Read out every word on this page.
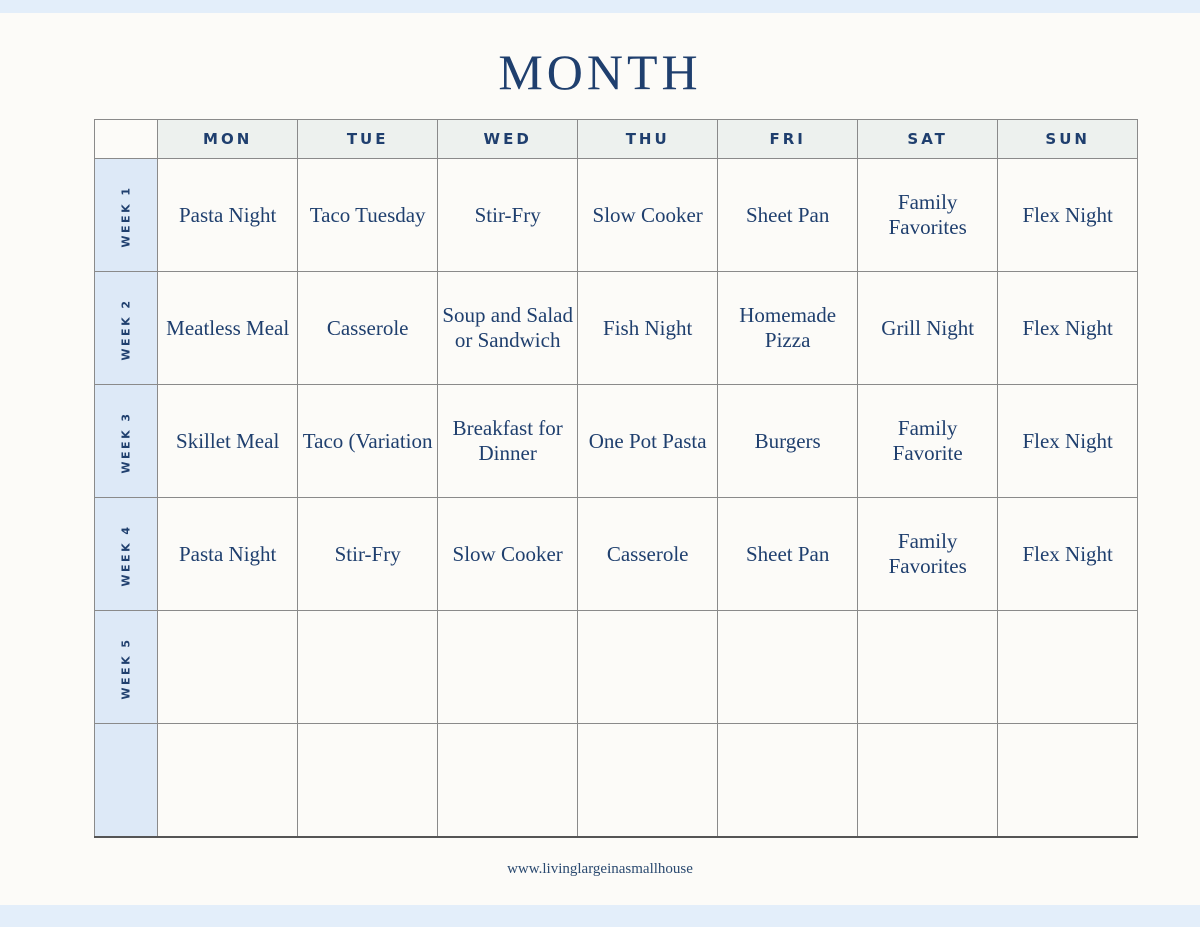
MONTH
	MON	TUE	WED	THU	FRI	SAT	SUN
WEEK 1	Pasta Night	Taco Tuesday	Stir-Fry	Slow Cooker	Sheet Pan	Family Favorites	Flex Night
WEEK 2	Meatless Meal	Casserole	Soup and Salad or Sandwich	Fish Night	Homemade Pizza	Grill Night	Flex Night
WEEK 3	Skillet Meal	Taco (Variation	Breakfast for Dinner	One Pot Pasta	Burgers	Family Favorite	Flex Night
WEEK 4	Pasta Night	Stir-Fry	Slow Cooker	Casserole	Sheet Pan	Family Favorites	Flex Night
WEEK 5							

www.livinglargeinasmallhouse
